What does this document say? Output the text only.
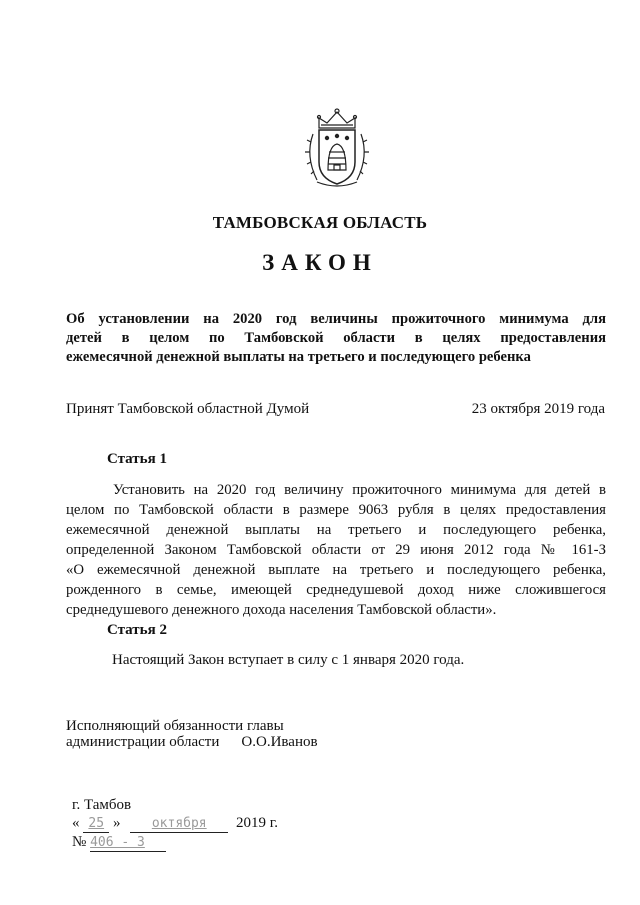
ТАМБОВСКАЯ ОБЛАСТЬ
ЗАКОН
Об установлении на 2020 год величины прожиточного минимума для
детей в целом по Тамбовской области в целях предоставления
ежемесячной денежной выплаты на третьего и последующего ребенка
Принят Тамбовской областной Думой	23 октября 2019 года
Статья 1
Установить на 2020 год величину прожиточного минимума для детей в
целом по Тамбовской области в размере 9063 рубля в целях предоставления
ежемесячной денежной выплаты на третьего и последующего ребенка,
определенной Законом Тамбовской области от 29 июня 2012 года № 161-З
«О ежемесячной денежной выплате на третьего и последующего ребенка,
рожденного в семье, имеющей среднедушевой доход ниже сложившегося
среднедушевого денежного дохода населения Тамбовской области».
Статья 2
Настоящий Закон вступает в силу с 1 января 2020 года.
Исполняющий обязанности главы
администрации области О.О.Иванов
г. Тамбов
« 25 » октября 2019 г.
№ 406 - З
